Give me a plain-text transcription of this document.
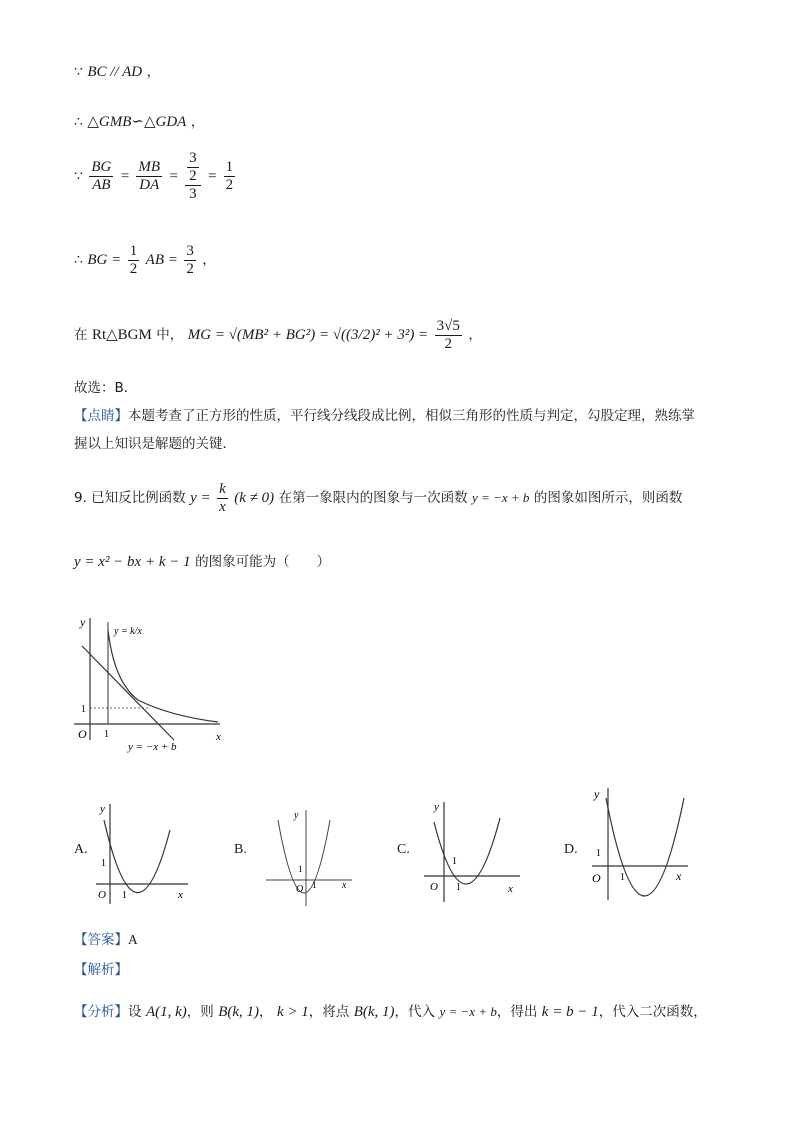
∵ BC // AD ，
∴ △GMB∽△GDA ，
∵ $\frac{BG}{AB} = \frac{MB}{DA} = \frac{\frac{3}{2}}{3} = \frac{1}{2}$
∴ BG = $\frac{1}{2}$ AB = $\frac{3}{2}$ ，
在 Rt△BGM 中， MG = $√(MB^2 + BG^2) = √((3/2)^2 + 3^2) = \frac{3√5}{2}$ ，
故选：B．
【点睛】本题考查了正方形的性质，平行线分线段成比例，相似三角形的性质与判定，勾股定理，熟练掌
握以上知识是解题的关键．
9. 已知反比例函数 $y = \frac{k}{x} (k \ne 0)$ 在第一象限内的图象与一次函数 y = −x + b 的图象如图所示，则函数
y = x² − bx + k − 1 的图象可能为（　　）
y
x
O 1
1
y = k/x
y = −x + b
A.
y
x
O 1
1
B.
y
x
O 1
1
C.
y
x
O 1
1
D.
y
x
O 1
1
【答案】A
【解析】
【分析】设 A(1, k)，则 B(k, 1)， k > 1，将点 B(k, 1)，代入 y = −x + b，得出 k = b − 1，代入二次函数，
